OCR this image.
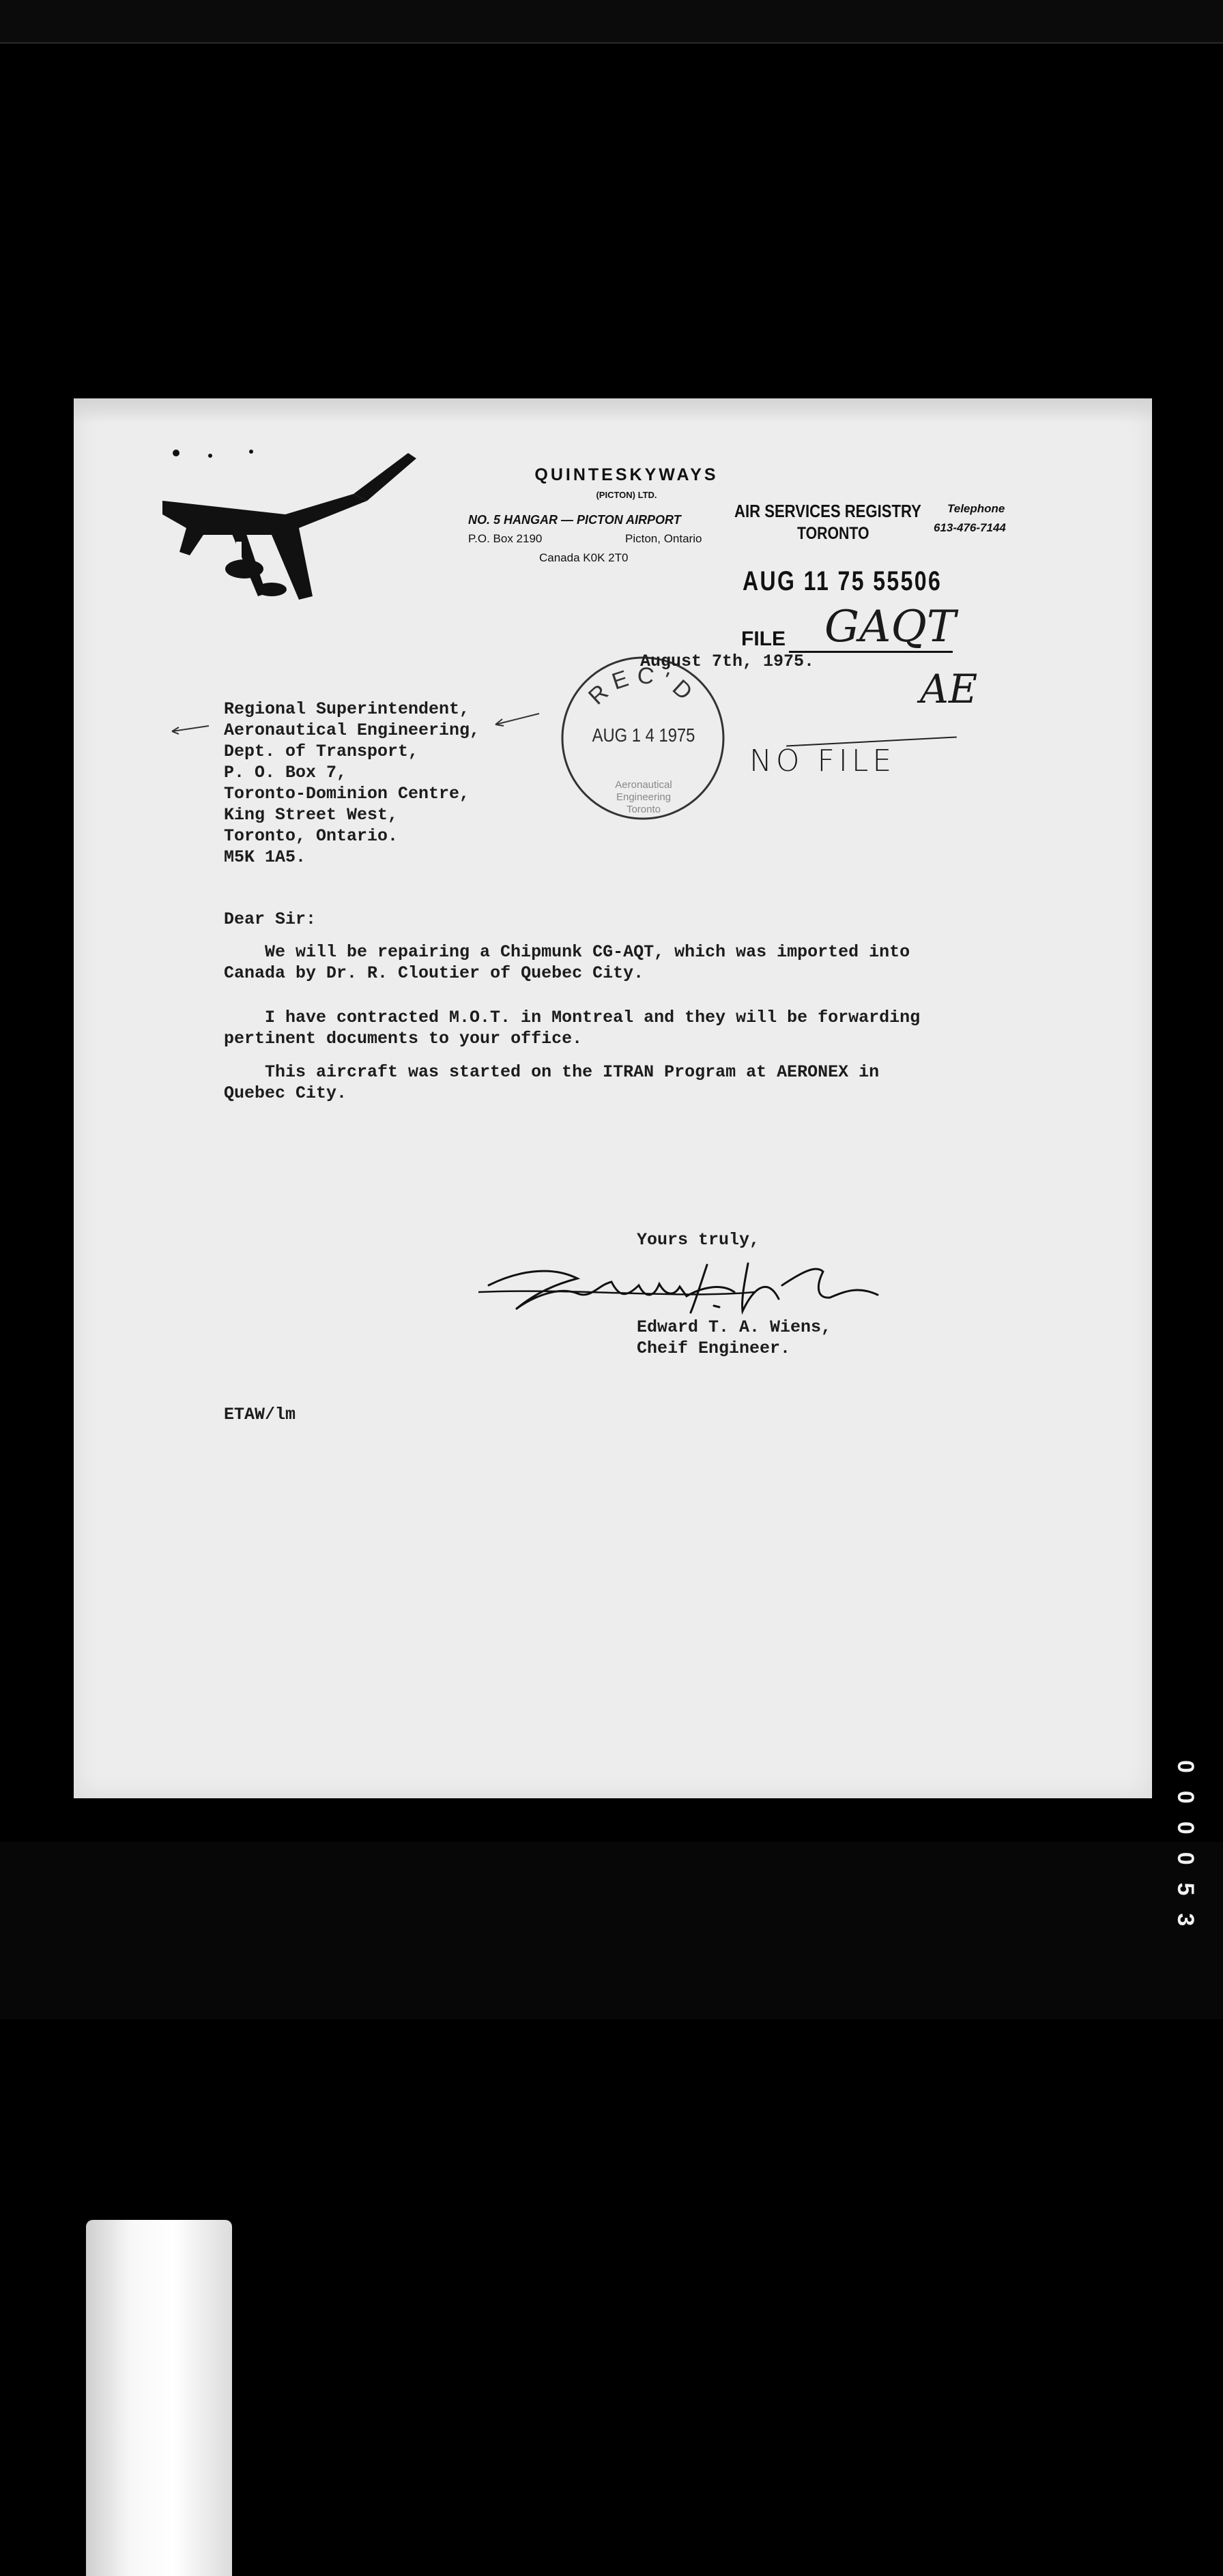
QUINTESKYWAYS
(PICTON) LTD.
NO. 5 HANGAR — PICTON AIRPORT
P.O. Box 2190	Picton, Ontario
Canada K0K 2T0
Telephone
613-476-7144
AIR SERVICES REGISTRY
TORONTO
AUG 11 75 55506
FILE GAQT
AE
NO FILE
REC'D
AUG 1 4 1975
Aeronautical
Engineering
Toronto
August 7th, 1975.
Regional Superintendent,
Aeronautical Engineering,
Dept. of Transport,
P. O. Box 7,
Toronto-Dominion Centre,
King Street West,
Toronto, Ontario.
M5K 1A5.
Dear Sir:
We will be repairing a Chipmunk CG-AQT, which was imported into
Canada by Dr. R. Cloutier of Quebec City.
I have contracted M.O.T. in Montreal and they will be forwarding
pertinent documents to your office.
This aircraft was started on the ITRAN Program at AERONEX in
Quebec City.
Yours truly,
Edward T. A. Wiens,
Cheif Engineer.
ETAW/lm
000053
